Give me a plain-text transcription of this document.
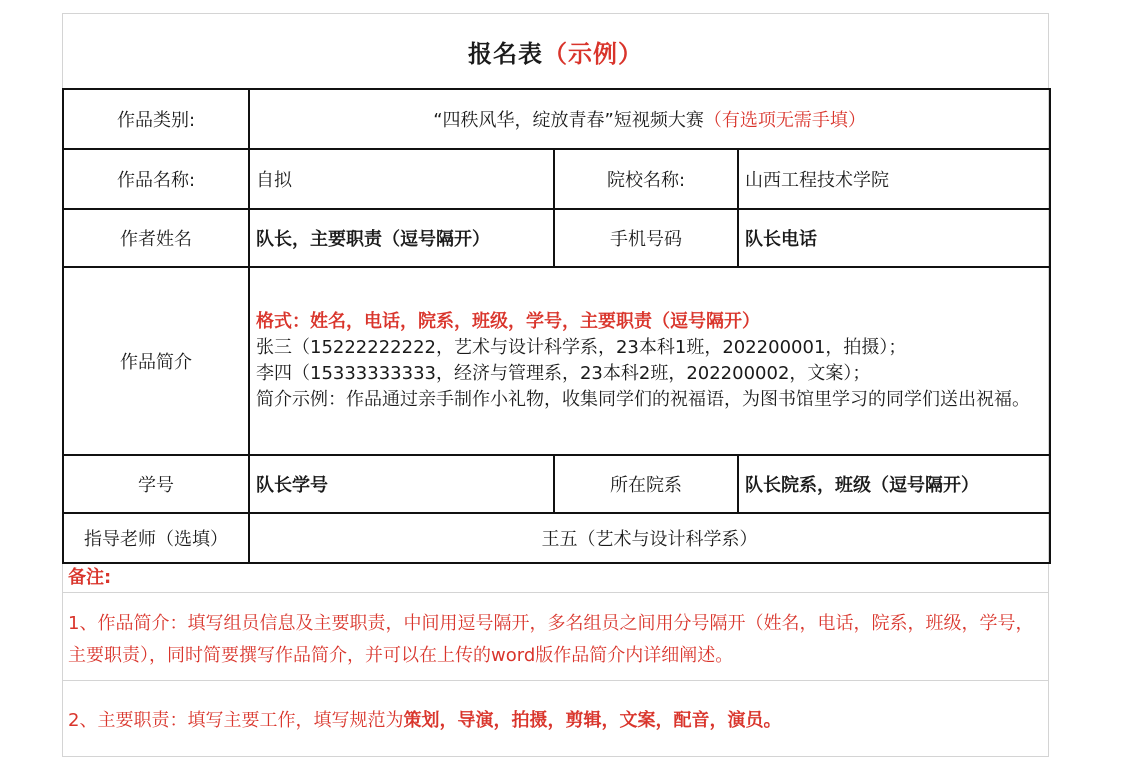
报名表 （示例）
作品类别:	“四秩风华，绽放青春”短视频大赛（有选项无需手填）		
作品名称:	自拟	院校名称:	山西工程技术学院
作者姓名	队长，主要职责（逗号隔开）	手机号码	队长电话
作品简介	格式：姓名，电话，院系，班级，学号，主要职责（逗号隔开）
张三（15222222222，艺术与设计科学系，23本科1班，202200001，拍摄）；
李四（15333333333，经济与管理系，23本科2班，202200002，文案）；
简介示例：作品通过亲手制作小礼物，收集同学们的祝福语，为图书馆里学习的同学们送出祝福。		

学号	队长学号	所在院系	队长院系，班级（逗号隔开）
指导老师（选填）	王五（艺术与设计科学系）		
备注:
1、作品简介：填写组员信息及主要职责，中间用逗号隔开，多名组员之间用分号隔开（姓名，电话，院系，班级，学号，主要职责），同时简要撰写作品简介，并可以在上传的word版作品简介内详细阐述。
2、主要职责：填写主要工作，填写规范为 策划，导演，拍摄，剪辑，文案，配音，演员。
